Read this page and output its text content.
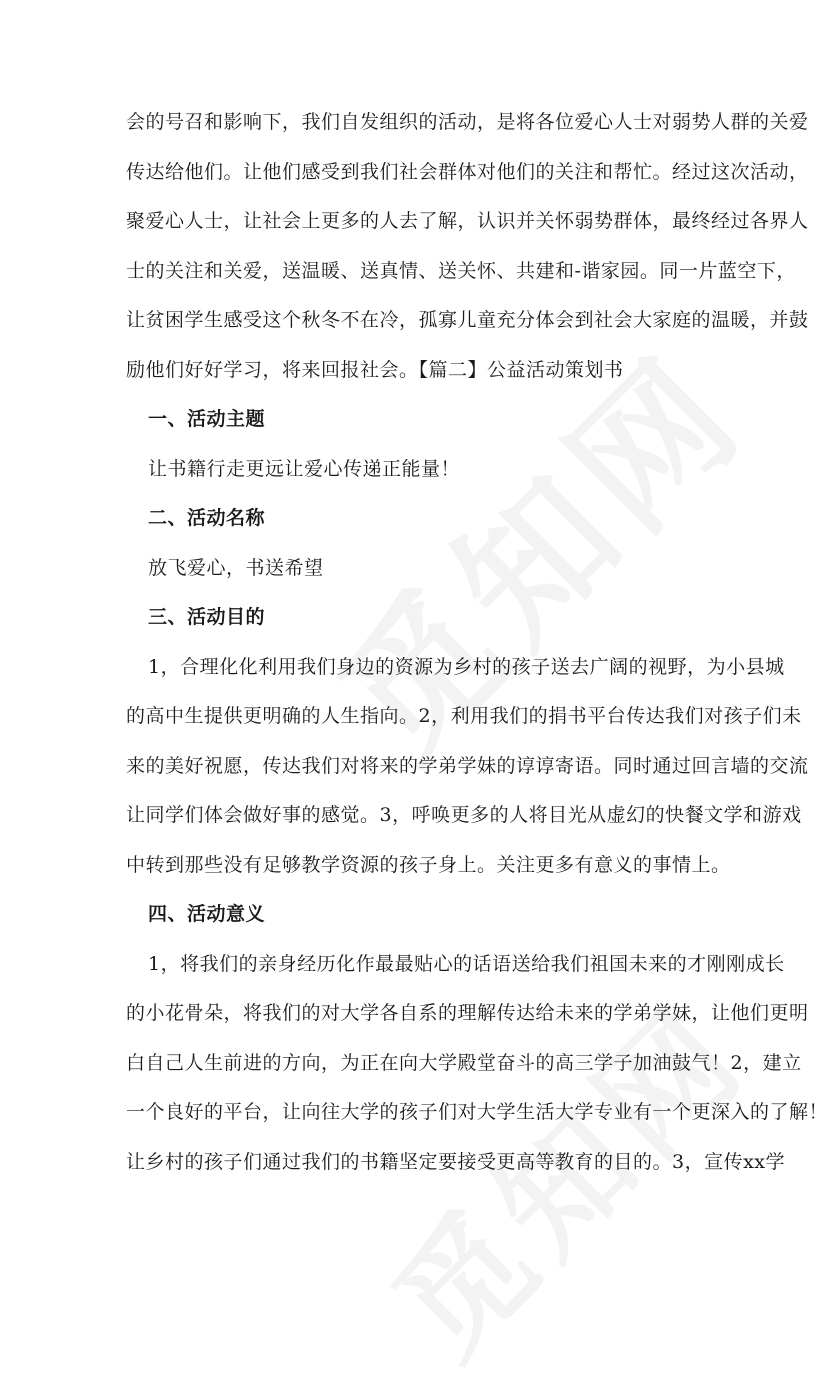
会的号召和影响下，我们自发组织的活动，是将各位爱心人士对弱势人群的关爱
传达给他们。让他们感受到我们社会群体对他们的关注和帮忙。经过这次活动，
聚爱心人士，让社会上更多的人去了解，认识并关怀弱势群体，最终经过各界人
士的关注和关爱，送温暖、送真情、送关怀、共建和-谐家园。同一片蓝空下，
让贫困学生感受这个秋冬不在冷，孤寡儿童充分体会到社会大家庭的温暖，并鼓
励他们好好学习，将来回报社会。【篇二】公益活动策划书
一、活动主题
让书籍行走更远让爱心传递正能量！
二、活动名称
放飞爱心，书送希望
三、活动目的
1，合理化化利用我们身边的资源为乡村的孩子送去广阔的视野，为小县城
的高中生提供更明确的人生指向。2，利用我们的捐书平台传达我们对孩子们未
来的美好祝愿，传达我们对将来的学弟学妹的谆谆寄语。同时通过回言墙的交流
让同学们体会做好事的感觉。3，呼唤更多的人将目光从虚幻的快餐文学和游戏
中转到那些没有足够教学资源的孩子身上。关注更多有意义的事情上。
四、活动意义
1，将我们的亲身经历化作最最贴心的话语送给我们祖国未来的才刚刚成长
的小花骨朵，将我们的对大学各自系的理解传达给未来的学弟学妹，让他们更明
白自己人生前进的方向，为正在向大学殿堂奋斗的高三学子加油鼓气！2，建立
一个良好的平台，让向往大学的孩子们对大学生活大学专业有一个更深入的了解！
让乡村的孩子们通过我们的书籍坚定要接受更高等教育的目的。3，宣传xx学
